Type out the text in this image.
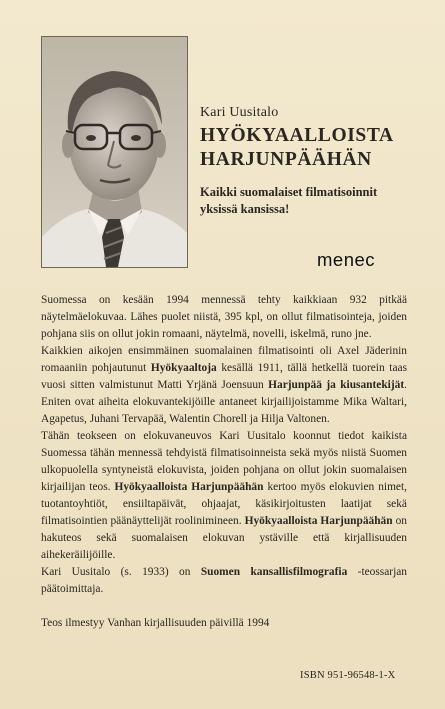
Kari Uusitalo
HYÖKYAALLOISTA
HARJUNPÄÄHÄN
Kaikki suomalaiset filmatisoinnit
yksissä kansissa!
menec

Suomessa on kesään 1994 mennessä tehty kaikkiaan 932 pitkää näytelmäelokuvaa. Lähes puolet niistä, 395 kpl, on ollut filmatisointeja, joiden pohjana siis on ollut jokin romaani, näytelmä, novelli, iskelmä, runo jne.

Kaikkien aikojen ensimmäinen suomalainen filmatisointi oli Axel Jäderinin romaaniin pohjautunut Hyökyaaltoja kesällä 1911, tällä hetkellä tuorein taas vuosi sitten valmistunut Matti Yrjänä Joensuun Harjunpää ja kiusantekijät. Eniten ovat aiheita elokuvantekijöille antaneet kirjailijoistamme Mika Waltari, Agapetus, Juhani Tervapää, Walentin Chorell ja Hilja Valtonen.

Tähän teokseen on elokuvaneuvos Kari Uusitalo koonnut tiedot kaikista Suomessa tähän mennessä tehdyistä filmatisoinneista sekä myös niistä Suomen ulkopuolella syntyneistä elokuvista, joiden pohjana on ollut jokin suomalaisen kirjailijan teos. Hyökyaalloista Harjunpäähän kertoo myös elokuvien nimet, tuotantoyhtiöt, ensiiltapäivät, ohjaajat, käsikirjoitusten laatijat sekä filmatisointien päänäyttelijät roolinimineen. Hyökyaalloista Harjunpäähän on hakuteos sekä suomalaisen elokuvan ystäville että kirjallisuuden aihekeräilijöille.

Kari Uusitalo (s. 1933) on Suomen kansallisfilmografia -teossarjan päätoimittaja.

Teos ilmestyy Vanhan kirjallisuuden päivillä 1994

ISBN 951-96548-1-X
